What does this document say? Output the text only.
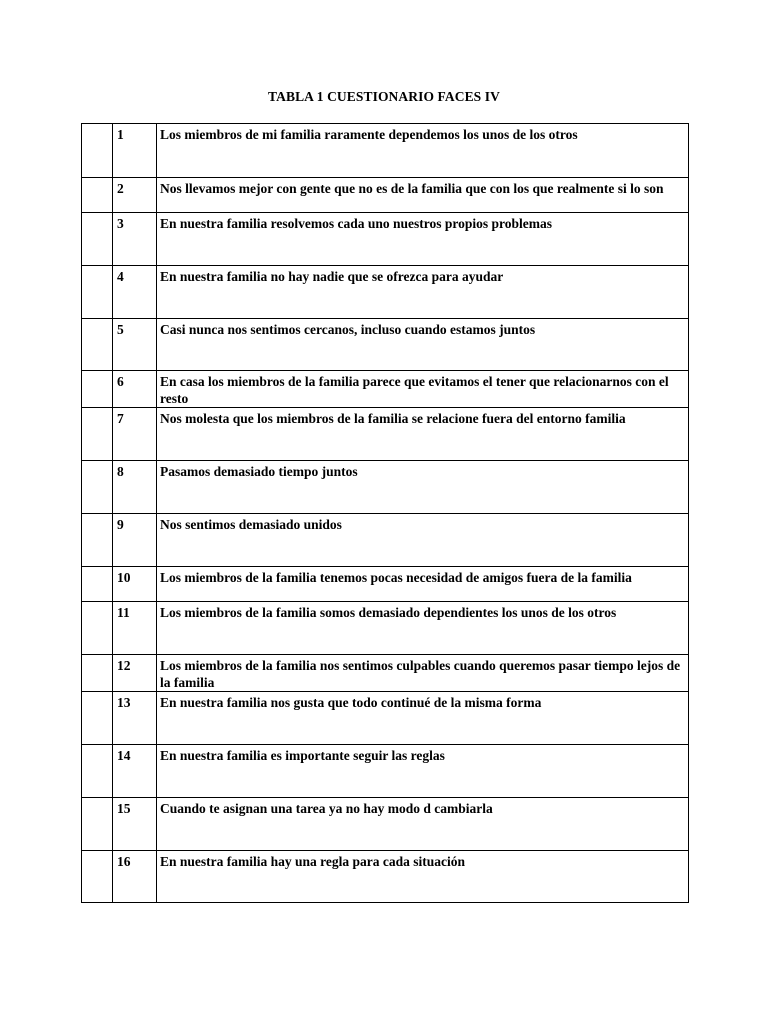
TABLA 1 CUESTIONARIO FACES IV

	1	Los miembros de mi familia raramente dependemos los unos de los otros

	2	Nos llevamos mejor con gente que no es de la familia que con los que realmente si lo son

	3	En nuestra familia resolvemos cada uno nuestros propios problemas

	4	En nuestra familia no hay nadie que se ofrezca para ayudar

	5	Casi nunca nos sentimos cercanos, incluso cuando estamos juntos

	6	En casa los miembros de la familia parece que evitamos el tener que relacionarnos con el resto

	7	Nos molesta que los miembros de la familia se relacione fuera del entorno familia

	8	Pasamos demasiado tiempo juntos

	9	Nos sentimos demasiado unidos

	10	Los miembros de la familia tenemos pocas necesidad de amigos fuera de la familia

	11	Los miembros de la familia somos demasiado dependientes los unos de los otros

	12	Los miembros de la familia nos sentimos culpables cuando queremos pasar tiempo lejos de la familia

	13	En nuestra familia nos gusta que todo continué de la misma forma

	14	En nuestra familia es importante seguir las reglas

	15	Cuando te asignan una tarea ya no hay modo d cambiarla

	16	En nuestra familia hay una regla para cada situación
